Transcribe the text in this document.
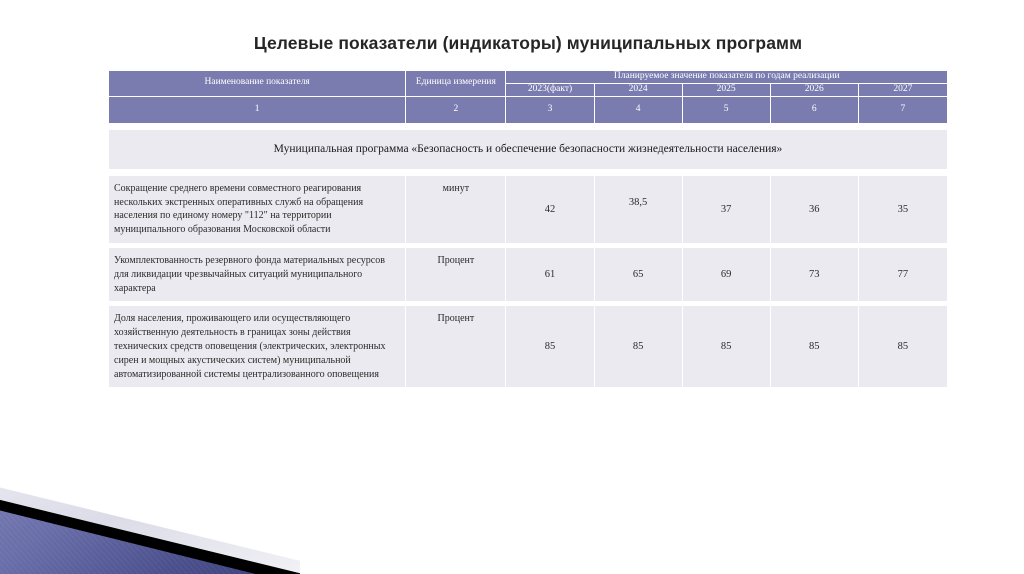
Целевые показатели (индикаторы) муниципальных программ
Наименование показателя	Единица измерения	Планируемое значение показателя по годам реализации				
		2023(факт)	2024	2025	2026	2027
1	2	3	4	5	6	7

Муниципальная программа «Безопасность и обеспечение безопасности жизнедеятельности населения»						

Сокращение среднего времени совместного реагирования нескольких экстренных оперативных служб на обращения населения по единому номеру "112" на территории муниципального образования Московской области	минут	42	38,5	37	36	35

Укомплектованность резервного фонда материальных ресурсов для ликвидации чрезвычайных ситуаций муниципального характера	Процент	61	65	69	73	77

Доля населения, проживающего или осуществляющего хозяйственную деятельность в границах зоны действия технических средств оповещения (электрических, электронных сирен и мощных акустических систем) муниципальной автоматизированной системы централизованного оповещения	Процент	85	85	85	85	85
